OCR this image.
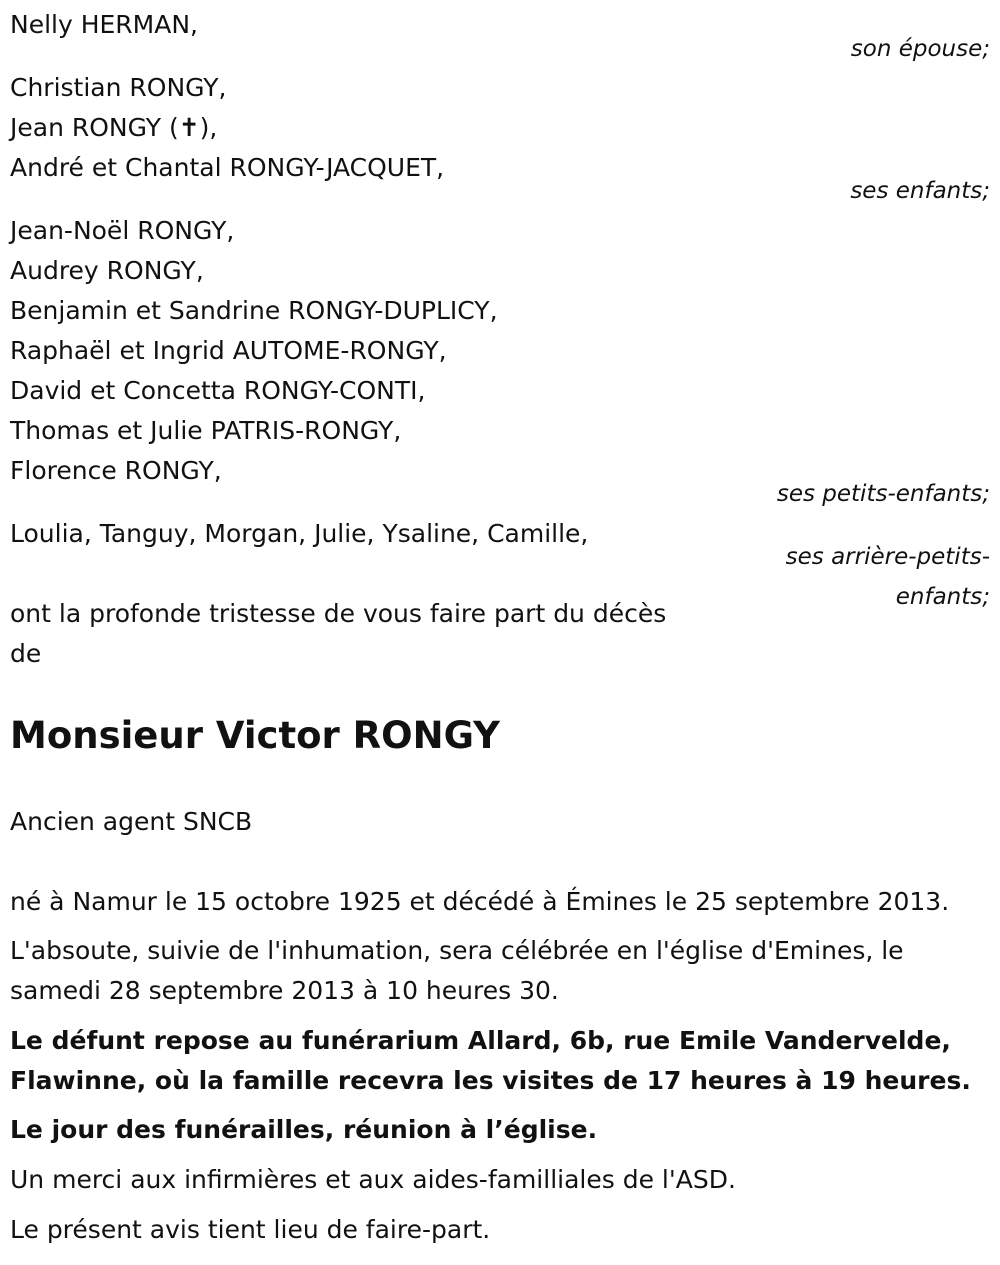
Nelly HERMAN,
son épouse;
Christian RONGY,
Jean RONGY (✝),
André et Chantal RONGY-JACQUET,
ses enfants;
Jean-Noël RONGY,
Audrey RONGY,
Benjamin et Sandrine RONGY-DUPLICY,
Raphaël et Ingrid AUTOME-RONGY,
David et Concetta RONGY-CONTI,
Thomas et Julie PATRIS-RONGY,
Florence RONGY,
ses petits-enfants;
Loulia, Tanguy, Morgan, Julie, Ysaline, Camille,
ses arrière-petits-
enfants;
ont la profonde tristesse de vous faire part du décès
de
Monsieur Victor RONGY
Ancien agent SNCB
né à Namur le 15 octobre 1925 et décédé à Émines le 25 septembre 2013.
L'absoute, suivie de l'inhumation, sera célébrée en l'église d'Emines, le
samedi 28 septembre 2013 à 10 heures 30.
Le défunt repose au funérarium Allard, 6b, rue Emile Vandervelde,
Flawinne, où la famille recevra les visites de 17 heures à 19 heures.
Le jour des funérailles, réunion à l’église.
Un merci aux infirmières et aux aides-familliales de l'ASD.
Le présent avis tient lieu de faire-part.
